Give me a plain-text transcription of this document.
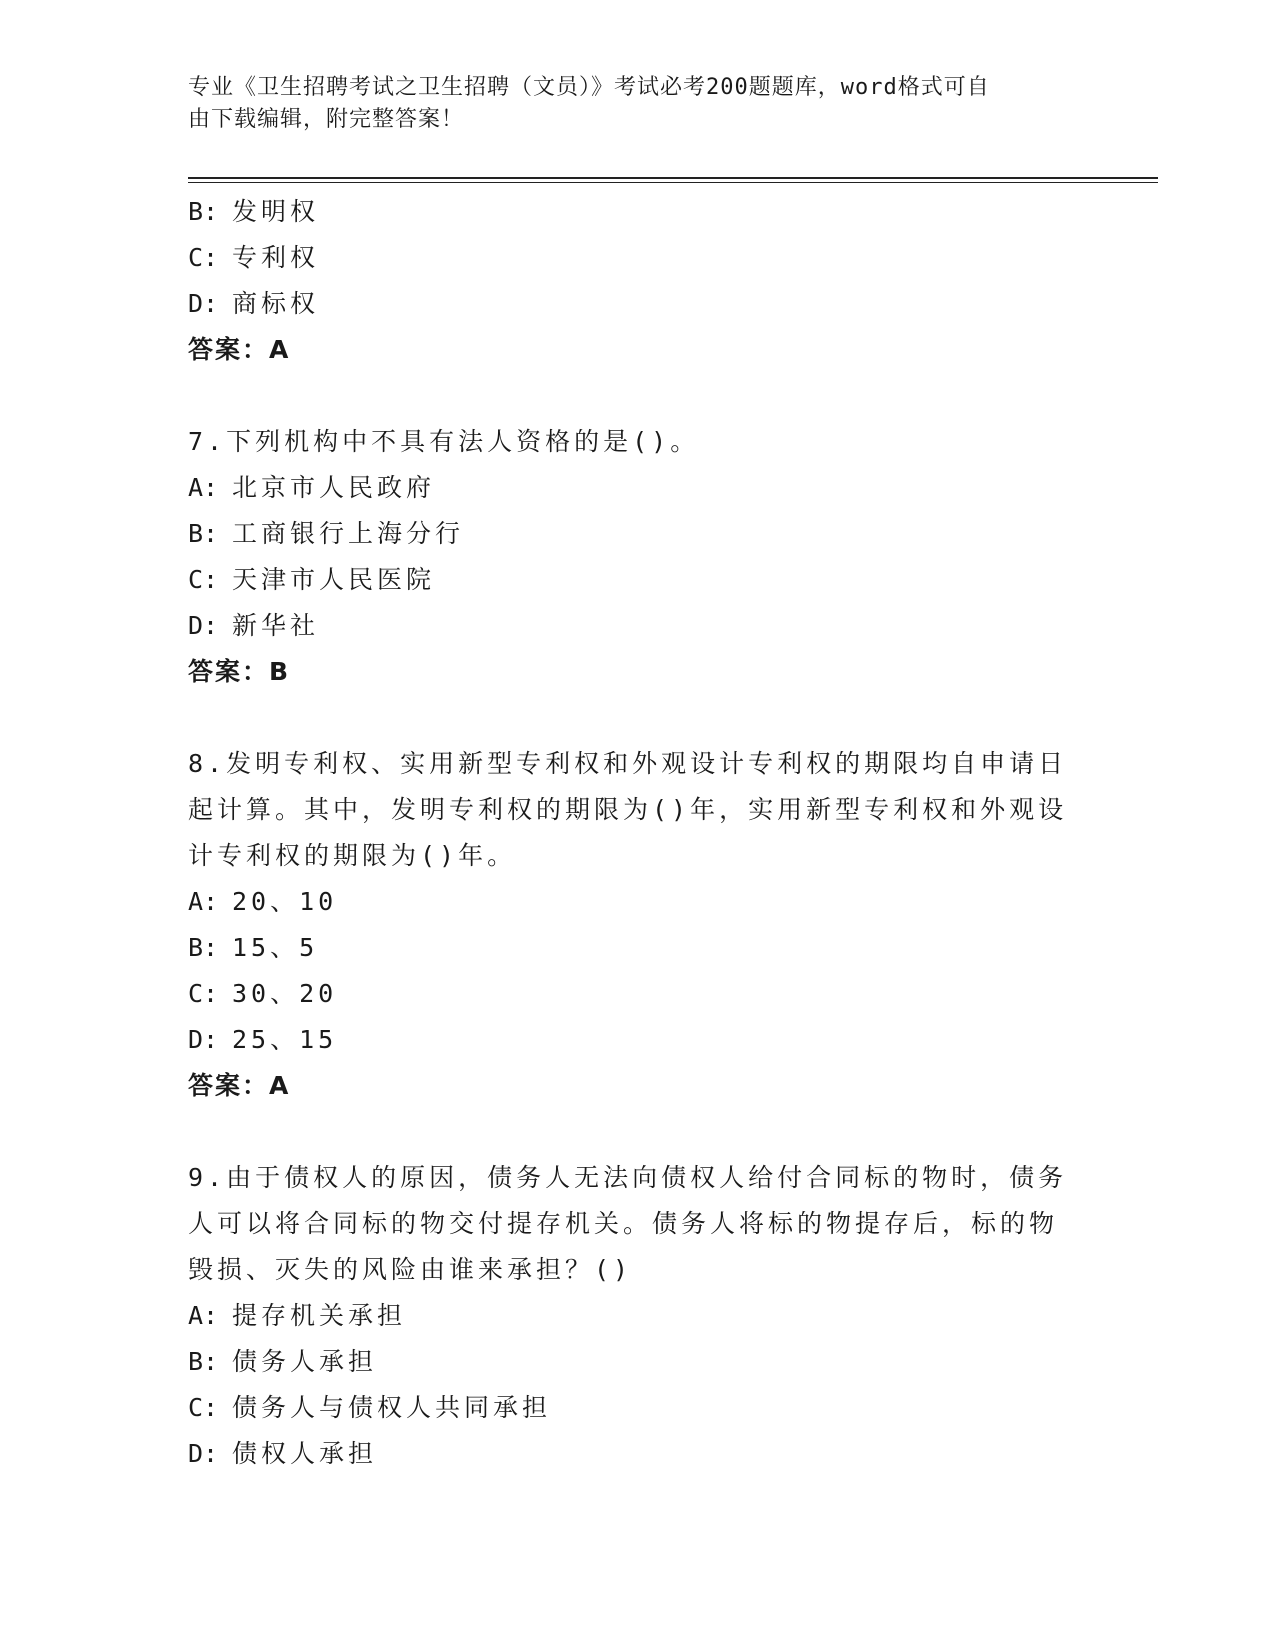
专业《卫生招聘考试之卫生招聘（文员）》考试必考200题题库，word格式可自
由下载编辑，附完整答案！
B: 发明权
C: 专利权
D: 商标权
答案：A
7.下列机构中不具有法人资格的是()。
A: 北京市人民政府
B: 工商银行上海分行
C: 天津市人民医院
D: 新华社
答案：B
8.发明专利权、实用新型专利权和外观设计专利权的期限均自申请日
起计算。其中，发明专利权的期限为()年，实用新型专利权和外观设
计专利权的期限为()年。
A: 20、10
B: 15、5
C: 30、20
D: 25、15
答案：A
9.由于债权人的原因，债务人无法向债权人给付合同标的物时，债务
人可以将合同标的物交付提存机关。债务人将标的物提存后，标的物
毁损、灭失的风险由谁来承担？()
A: 提存机关承担
B: 债务人承担
C: 债务人与债权人共同承担
D: 债权人承担
